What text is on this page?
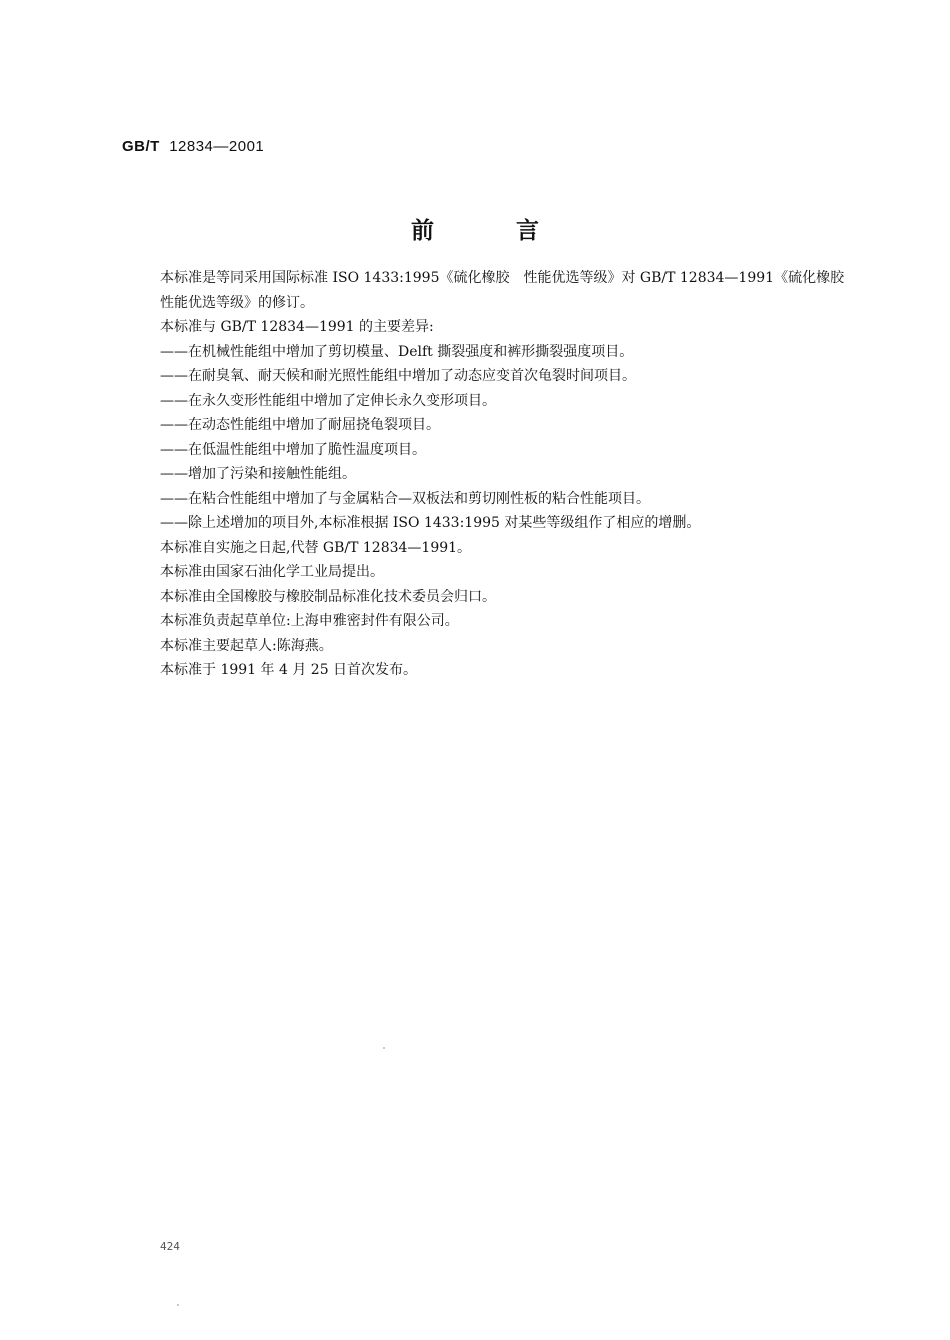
GB/T 12834—2001
前	言

本标准是等同采用国际标准 ISO 1433:1995《硫化橡胶　性能优选等级》对 GB/T 12834—1991《硫化橡胶　性能优选等级》的修订。

本标准与 GB/T 12834—1991 的主要差异:

——在机械性能组中增加了剪切模量、Delft 撕裂强度和裤形撕裂强度项目。

——在耐臭氧、耐天候和耐光照性能组中增加了动态应变首次龟裂时间项目。

——在永久变形性能组中增加了定伸长永久变形项目。

——在动态性能组中增加了耐屈挠龟裂项目。

——在低温性能组中增加了脆性温度项目。

——增加了污染和接触性能组。

——在粘合性能组中增加了与金属粘合—双板法和剪切刚性板的粘合性能项目。

——除上述增加的项目外,本标准根据 ISO 1433:1995 对某些等级组作了相应的增删。

本标准自实施之日起,代替 GB/T 12834—1991。

本标准由国家石油化学工业局提出。

本标准由全国橡胶与橡胶制品标准化技术委员会归口。

本标准负责起草单位:上海申雅密封件有限公司。

本标准主要起草人:陈海燕。

本标准于 1991 年 4 月 25 日首次发布。

424
